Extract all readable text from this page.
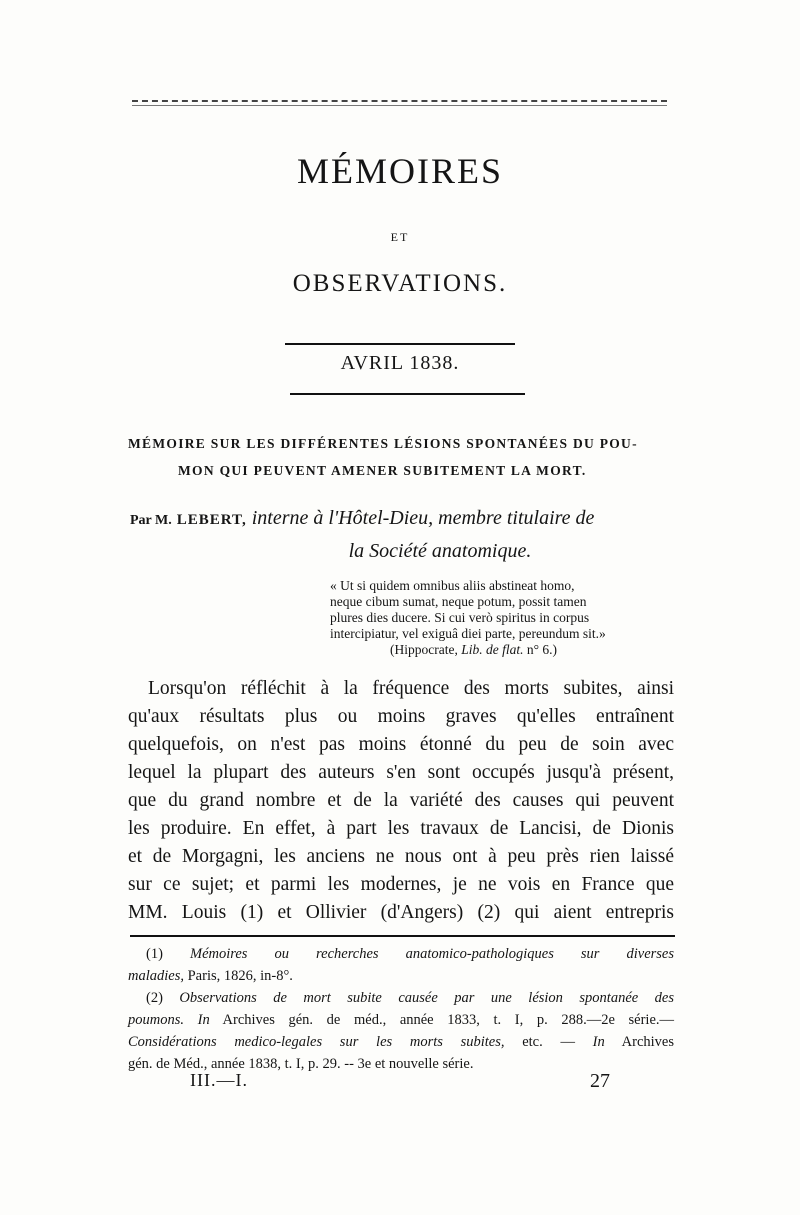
MÉMOIRES
ET
OBSERVATIONS.
AVRIL 1838.
MÉMOIRE SUR LES DIFFÉRENTES LÉSIONS SPONTANÉES DU POU-
MON QUI PEUVENT AMENER SUBITEMENT LA MORT.
Par M. LEBERT, interne à l'Hôtel-Dieu, membre titulaire de
la Société anatomique.
« Ut si quidem omnibus aliis abstineat homo,
neque cibum sumat, neque potum, possit tamen
plures dies ducere. Si cui verò spiritus in corpus
intercipiatur, vel exiguâ diei parte, pereundum sit.»
(Hippocrate, Lib. de flat. n° 6.)
Lorsqu'on réfléchit à la fréquence des morts subites, ainsi
qu'aux résultats plus ou moins graves qu'elles entraînent
quelquefois, on n'est pas moins étonné du peu de soin avec
lequel la plupart des auteurs s'en sont occupés jusqu'à présent,
que du grand nombre et de la variété des causes qui peuvent
les produire. En effet, à part les travaux de Lancisi, de Dionis
et de Morgagni, les anciens ne nous ont à peu près rien laissé
sur ce sujet; et parmi les modernes, je ne vois en France que
MM. Louis (1) et Ollivier (d'Angers) (2) qui aient entrepris
(1) Mémoires ou recherches anatomico-pathologiques sur diverses
maladies, Paris, 1826, in-8°.
(2) Observations de mort subite causée par une lésion spontanée des
poumons. In Archives gén. de méd., année 1833, t. I, p. 288.—2e série.—
Considérations medico-legales sur les morts subites, etc. — In Archives
gén. de Méd., année 1838, t. I, p. 29. -- 3e et nouvelle série.
III.—I.	27
